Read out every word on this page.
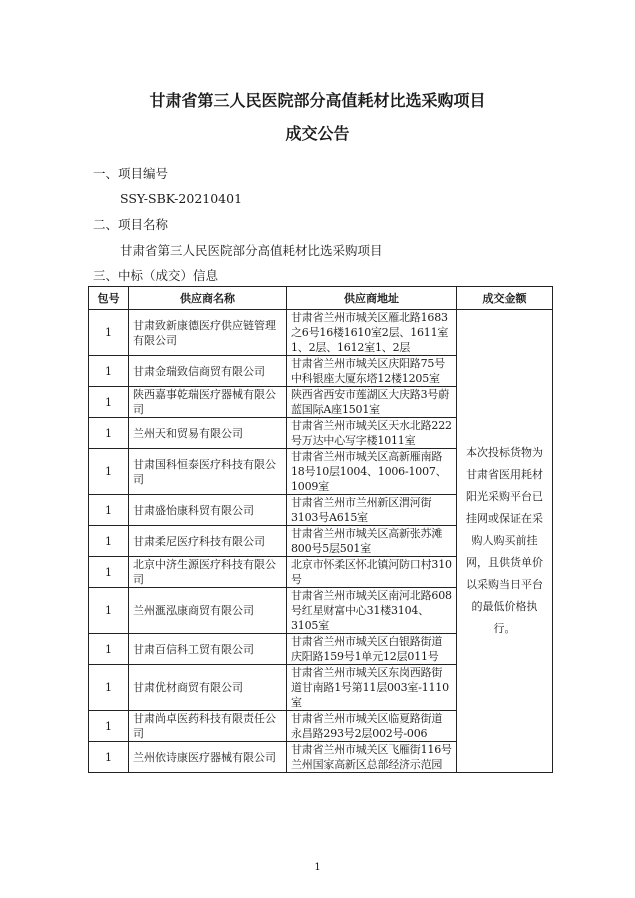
甘肃省第三人民医院部分高值耗材比选采购项目
成交公告
一、项目编号
SSY-SBK-20210401
二、项目名称
甘肃省第三人民医院部分高值耗材比选采购项目
三、中标（成交）信息
包号	供应商名称	供应商地址	成交金额
1	甘肃致新康德医疗供应链管理有限公司	甘肃省兰州市城关区雁北路1683之6号16楼1610室2层、1611室1、2层、1612室1、2层	本次投标货物为甘肃省医用耗材阳光采购平台已挂网或保证在采购人购买前挂网，且供货单价以采购当日平台的最低价格执行。
1	甘肃金瑞致信商贸有限公司	甘肃省兰州市城关区庆阳路75号中科银座大厦东塔12楼1205室	
1	陕西嘉事乾瑞医疗器械有限公司	陕西省西安市莲湖区大庆路3号蔚蓝国际A座1501室	
1	兰州天和贸易有限公司	甘肃省兰州市城关区天水北路222号万达中心写字楼1011室	
1	甘肃国科恒泰医疗科技有限公司	甘肃省兰州市城关区高新雁南路18号10层1004、1006-1007、1009室	
1	甘肃盛怡康科贸有限公司	甘肃省兰州市兰州新区渭河街3103号A615室	
1	甘肃柔尼医疗科技有限公司	甘肃省兰州市城关区高新张苏滩800号5层501室	
1	北京中济生源医疗科技有限公司	北京市怀柔区怀北镇河防口村310号	
1	兰州滙泓康商贸有限公司	甘肃省兰州市城关区南河北路608号红星财富中心31楼3104、3105室	
1	甘肃百信科工贸有限公司	甘肃省兰州市城关区白银路街道庆阳路159号1单元12层011号	
1	甘肃优材商贸有限公司	甘肃省兰州市城关区东岗西路街道甘南路1号第11层003室-1110室	
1	甘肃尚卓医药科技有限责任公司	甘肃省兰州市城关区临夏路街道永昌路293号2层002号-006	
1	兰州依诗康医疗器械有限公司	甘肃省兰州市城关区飞雁街116号兰州国家高新区总部经济示范园	
1
